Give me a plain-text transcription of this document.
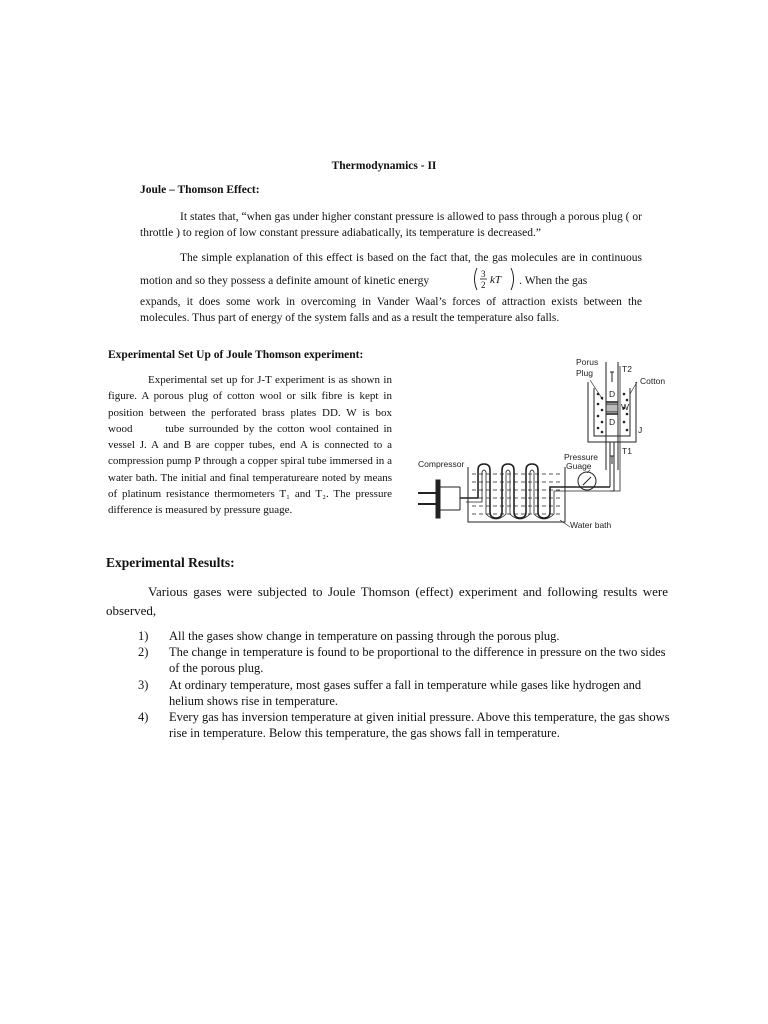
Thermodynamics - II
Joule – Thomson Effect:
It states that, “when gas under higher constant pressure is allowed to pass through a porous plug ( or throttle ) to region of low constant pressure adiabatically, its temperature is decreased.”
The simple explanation of this effect is based on the fact that, the gas molecules are in continuous motion and so they possess a definite amount of kinetic energy
3
2 kT . When the gas
expands, it does some work in overcoming in Vander Waal’s forces of attraction exists between the molecules. Thus part of energy of the system falls and as a result the temperature also falls.
Experimental Set Up of Joule Thomson experiment:
Experimental set up for J-T experiment is as shown in figure. A porous plug of cotton wool or silk fibre is kept in position between the perforated brass plates DD. W is box wood       tube surrounded by the cotton wool contained in vessel J. A and B are copper tubes, end A is connected to a compression pump P through a copper spiral tube immersed in a water bath. The initial and final temperatureare noted by means of platinum resistance thermometers T₁ and T₂. The pressure difference is measured by pressure guage.
Porus
Plug	T2
Cotton
D
W
D
J
T1
Compressor
Pressure
Guage
Water bath
Experimental Results:
Various gases were subjected to Joule Thomson (effect) experiment and following results were observed,
1) All the gases show change in temperature on passing through the porous plug.
2) The change in temperature is found to be proportional to the difference in pressure on the two sides of the porous plug.
3) At ordinary temperature, most gases suffer a fall in temperature while gases like hydrogen and helium shows rise in temperature.
4) Every gas has inversion temperature at given initial pressure. Above this temperature, the gas shows rise in temperature. Below this temperature, the gas shows fall in temperature.
